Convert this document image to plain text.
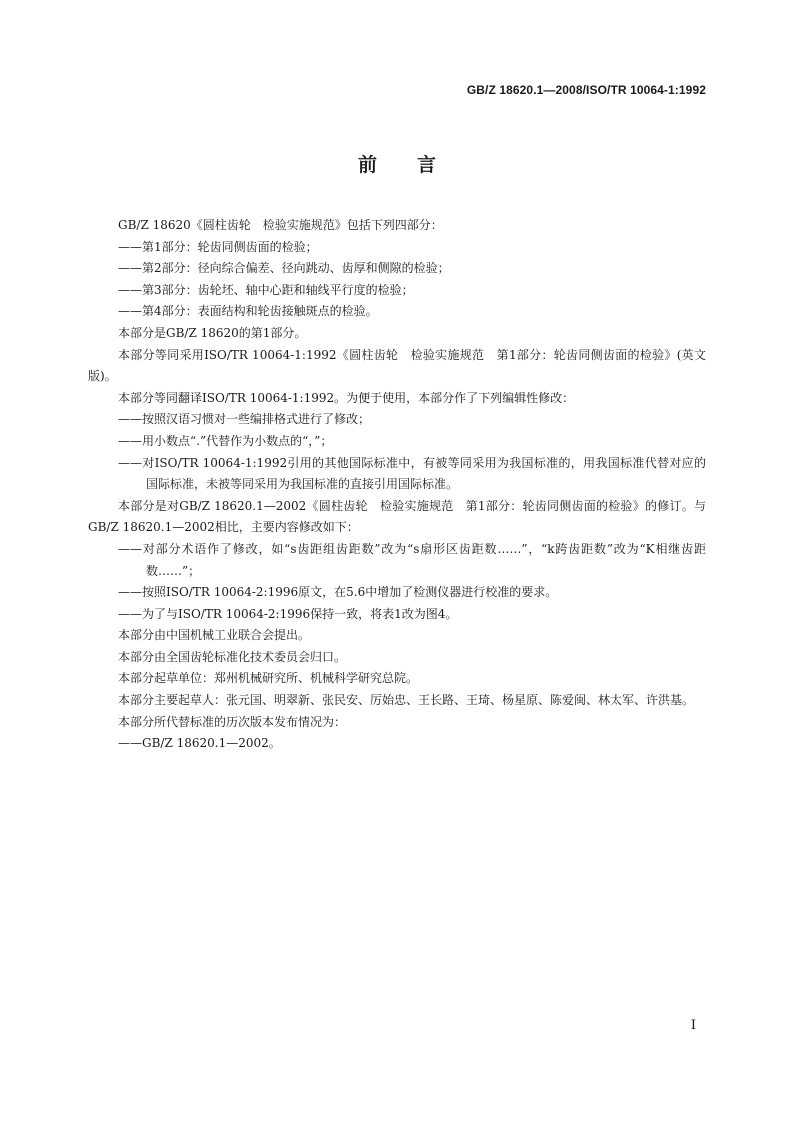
GB/Z 18620.1—2008/ISO/TR 10064-1:1992
前言

GB/Z 18620《圆柱齿轮　检验实施规范》包括下列四部分：

——第1部分：轮齿同侧齿面的检验；

——第2部分：径向综合偏差、径向跳动、齿厚和侧隙的检验；

——第3部分：齿轮坯、轴中心距和轴线平行度的检验；

——第4部分：表面结构和轮齿接触斑点的检验。

本部分是GB/Z 18620的第1部分。

本部分等同采用ISO/TR 10064-1:1992《圆柱齿轮　检验实施规范　第1部分：轮齿同侧齿面的检验》(英文版)。

本部分等同翻译ISO/TR 10064-1:1992。为便于使用，本部分作了下列编辑性修改：

——按照汉语习惯对一些编排格式进行了修改；

——用小数点“.”代替作为小数点的“，”；

——对ISO/TR 10064-1:1992引用的其他国际标准中，有被等同采用为我国标准的，用我国标准代替对应的国际标准，未被等同采用为我国标准的直接引用国际标准。

本部分是对GB/Z 18620.1—2002《圆柱齿轮　检验实施规范　第1部分：轮齿同侧齿面的检验》的修订。与GB/Z 18620.1—2002相比，主要内容修改如下：

——对部分术语作了修改，如“s齿距组齿距数”改为“s扇形区齿距数……”，“k跨齿距数”改为“K相继齿距数……”；

——按照ISO/TR 10064-2:1996原文，在5.6中增加了检测仪器进行校准的要求。

——为了与ISO/TR 10064-2:1996保持一致，将表1改为图4。

本部分由中国机械工业联合会提出。

本部分由全国齿轮标准化技术委员会归口。

本部分起草单位：郑州机械研究所、机械科学研究总院。

本部分主要起草人：张元国、明翠新、张民安、厉始忠、王长路、王琦、杨星原、陈爱闽、林太军、许洪基。

本部分所代替标准的历次版本发布情况为：

——GB/Z 18620.1—2002。

I
